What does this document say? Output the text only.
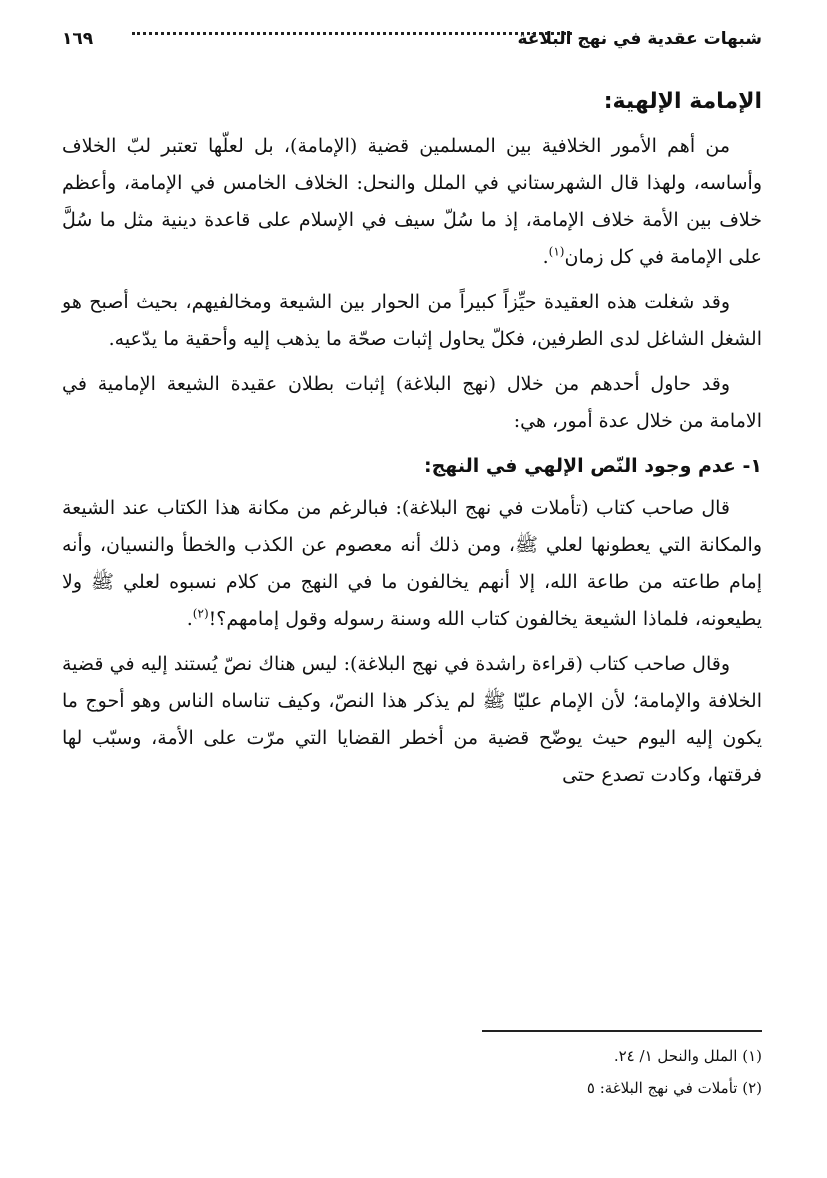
شبهات عقدية في نهج البلاغة
١٦٩
الإمامة الإلهية:

من أهم الأمور الخلافية بين المسلمين قضية (الإمامة)، بل لعلّها تعتبر لبّ الخلاف وأساسه، ولهذا قال الشهرستاني في الملل والنحل: الخلاف الخامس في الإمامة، وأعظم خلاف بين الأمة خلاف الإمامة، إذ ما سُلّ سيف في الإسلام على قاعدة دينية مثل ما سُلَّ على الإمامة في كل زمان$^{(١)}$.

وقد شغلت هذه العقيدة حيِّزاً كبيراً من الحوار بين الشيعة ومخالفيهم، بحيث أصبح هو الشغل الشاغل لدى الطرفين، فكلّ يحاول إثبات صحّة ما يذهب إليه وأحقية ما يدّعيه.

وقد حاول أحدهم من خلال (نهج البلاغة) إثبات بطلان عقيدة الشيعة الإمامية في الامامة من خلال عدة أمور، هي:

١- عدم وجود النّص الإلهي في النهج:

قال صاحب كتاب (تأملات في نهج البلاغة): فبالرغم من مكانة هذا الكتاب عند الشيعة والمكانة التي يعطونها لعلي ﷺ، ومن ذلك أنه معصوم عن الكذب والخطأ والنسيان، وأنه إمام طاعته من طاعة الله، إلا أنهم يخالفون ما في النهج من كلام نسبوه لعلي ﷺ ولا يطيعونه، فلماذا الشيعة يخالفون كتاب الله وسنة رسوله وقول إمامهم؟!$^{(٢)}$.

وقال صاحب كتاب (قراءة راشدة في نهج البلاغة): ليس هناك نصّ يُستند إليه في قضية الخلافة والإمامة؛ لأن الإمام عليّا ﷺ لم يذكر هذا النصّ، وكيف تناساه الناس وهو أحوج ما يكون إليه اليوم حيث يوضّح قضية من أخطر القضايا التي مرّت على الأمة، وسبّب لها فرقتها، وكادت تصدع حتى

(١) الملل والنحل ١/ ٢٤.

(٢) تأملات في نهج البلاغة: ٥
